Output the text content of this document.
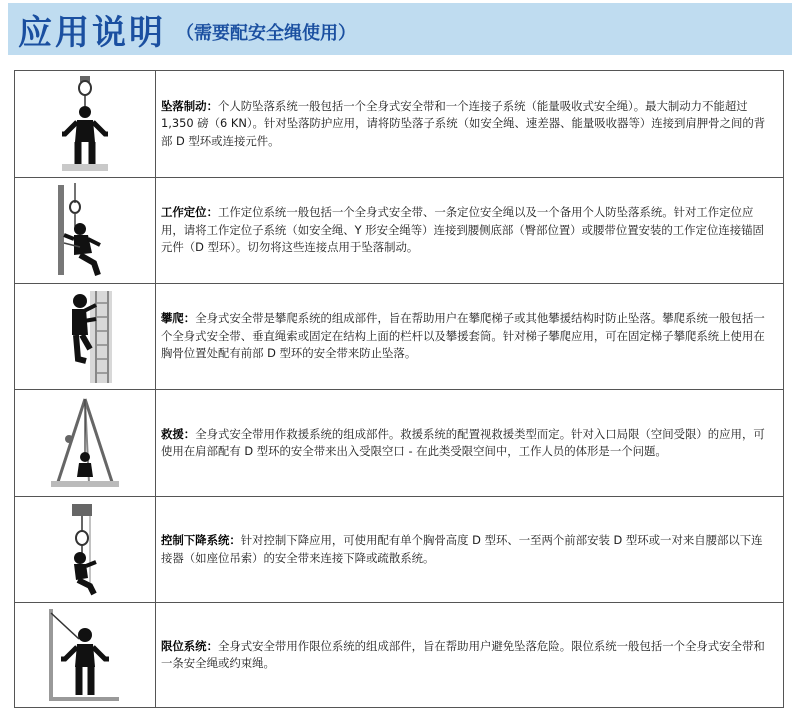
应用说明 （需要配安全绳使用）

坠落制动：个人防坠落系统一般包括一个全身式安全带和一个连接子系统（能量吸收式安全绳）。最大制动力不能超过 1,350 磅（6 KN）。针对坠落防护应用，请将防坠落子系统（如安全绳、速差器、能量吸收器等）连接到肩胛骨之间的背部 D 型环或连接元件。

工作定位：工作定位系统一般包括一个全身式安全带、一条定位安全绳以及一个备用个人防坠落系统。针对工作定位应用，请将工作定位子系统（如安全绳、Y 形安全绳等）连接到腰侧底部（臀部位置）或腰带位置安装的工作定位连接锚固元件（D 型环）。切勿将这些连接点用于坠落制动。

攀爬：全身式安全带是攀爬系统的组成部件，旨在帮助用户在攀爬梯子或其他攀援结构时防止坠落。攀爬系统一般包括一个全身式安全带、垂直绳索或固定在结构上面的栏杆以及攀援套筒。针对梯子攀爬应用，可在固定梯子攀爬系统上使用在胸骨位置处配有前部 D 型环的安全带来防止坠落。

救援：全身式安全带用作救援系统的组成部件。救援系统的配置视救援类型而定。针对入口局限（空间受限）的应用，可使用在肩部配有 D 型环的安全带来出入受限空口 - 在此类受限空间中，工作人员的体形是一个问题。

控制下降系统：针对控制下降应用，可使用配有单个胸骨高度 D 型环、一至两个前部安装 D 型环或一对来自腰部以下连接器（如座位吊索）的安全带来连接下降或疏散系统。

限位系统：全身式安全带用作限位系统的组成部件，旨在帮助用户避免坠落危险。限位系统一般包括一个全身式安全带和一条安全绳或约束绳。
